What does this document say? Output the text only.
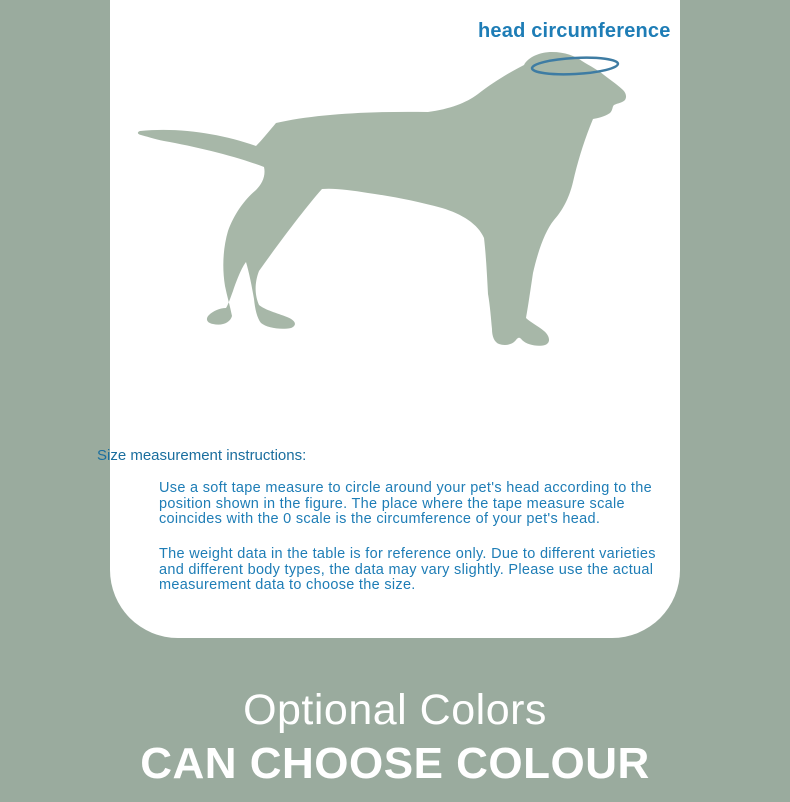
head circumference
Size measurement instructions:

Use a soft tape measure to circle around your pet's head according to the position shown in the figure. The place where the tape measure scale coincides with the 0 scale is the circumference of your pet's head.

The weight data in the table is for reference only. Due to different varieties and different body types, the data may vary slightly. Please use the actual measurement data to choose the size.

Optional Colors
CAN CHOOSE COLOUR
